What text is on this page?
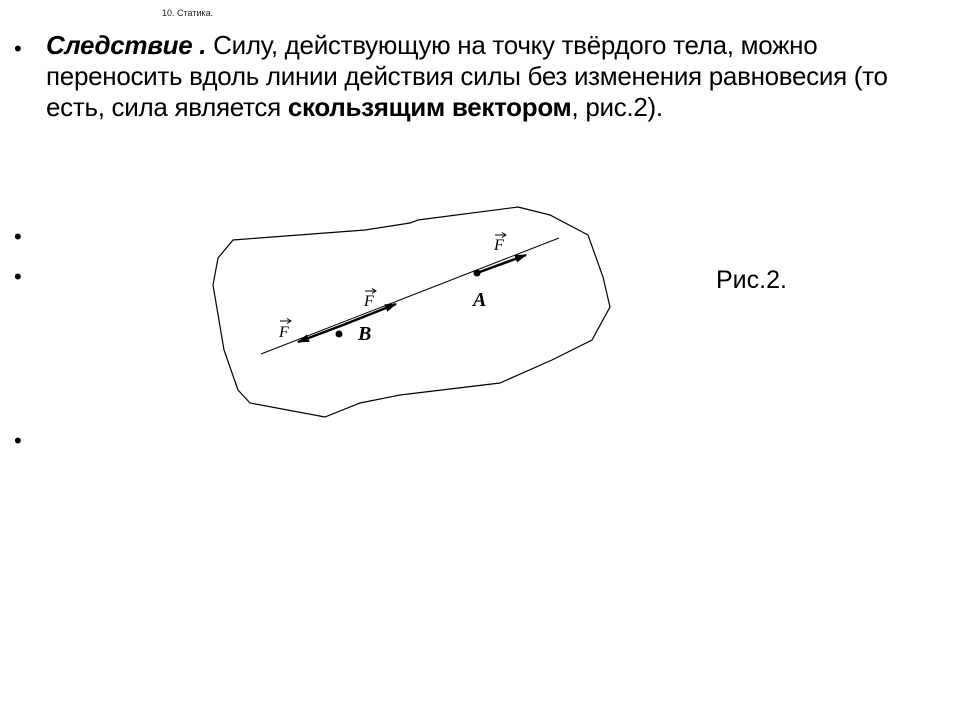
10. Статика.
• Следствие . Силу, действующую на точку твёрдого тела, можно переносить вдоль линии действия силы без изменения равновесия (то есть, сила является скользящим вектором, рис.2).
•
•
•
Рис.2.
F
F
F
A
B
